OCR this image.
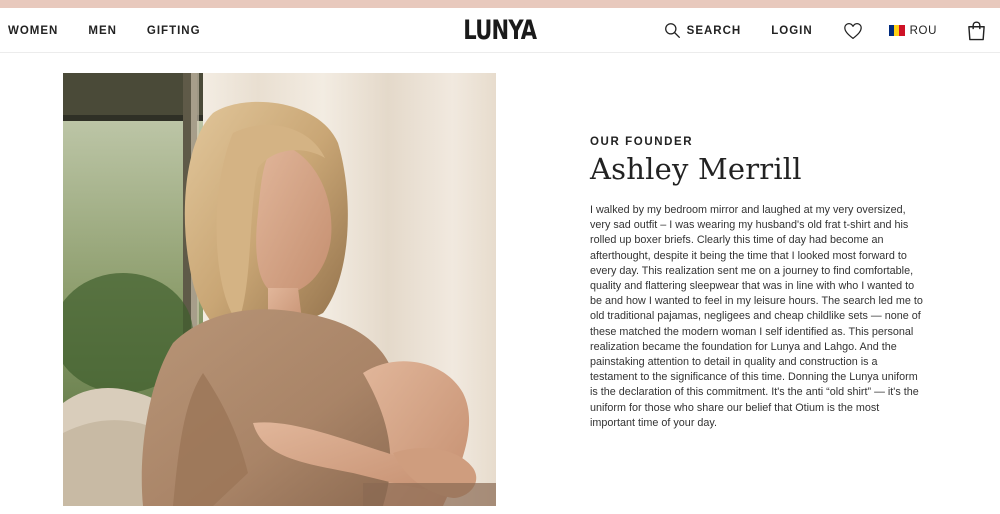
WOMEN	MEN	GIFTING	LUNYA	SEARCH	LOGIN	ROU
OUR FOUNDER
Ashley Merrill

I walked by my bedroom mirror and laughed at my very oversized, very sad outfit – I was wearing my husband's old frat t-shirt and his rolled up boxer briefs. Clearly this time of day had become an afterthought, despite it being the time that I looked most forward to every day. This realization sent me on a journey to find comfortable, quality and flattering sleepwear that was in line with who I wanted to be and how I wanted to feel in my leisure hours. The search led me to old traditional pajamas, negligees and cheap childlike sets — none of these matched the modern woman I self identified as. This personal realization became the foundation for Lunya and Lahgo. And the painstaking attention to detail in quality and construction is a testament to the significance of this time. Donning the Lunya uniform is the declaration of this commitment. It's the anti “old shirt” — it's the uniform for those who share our belief that Otium is the most important time of your day.
